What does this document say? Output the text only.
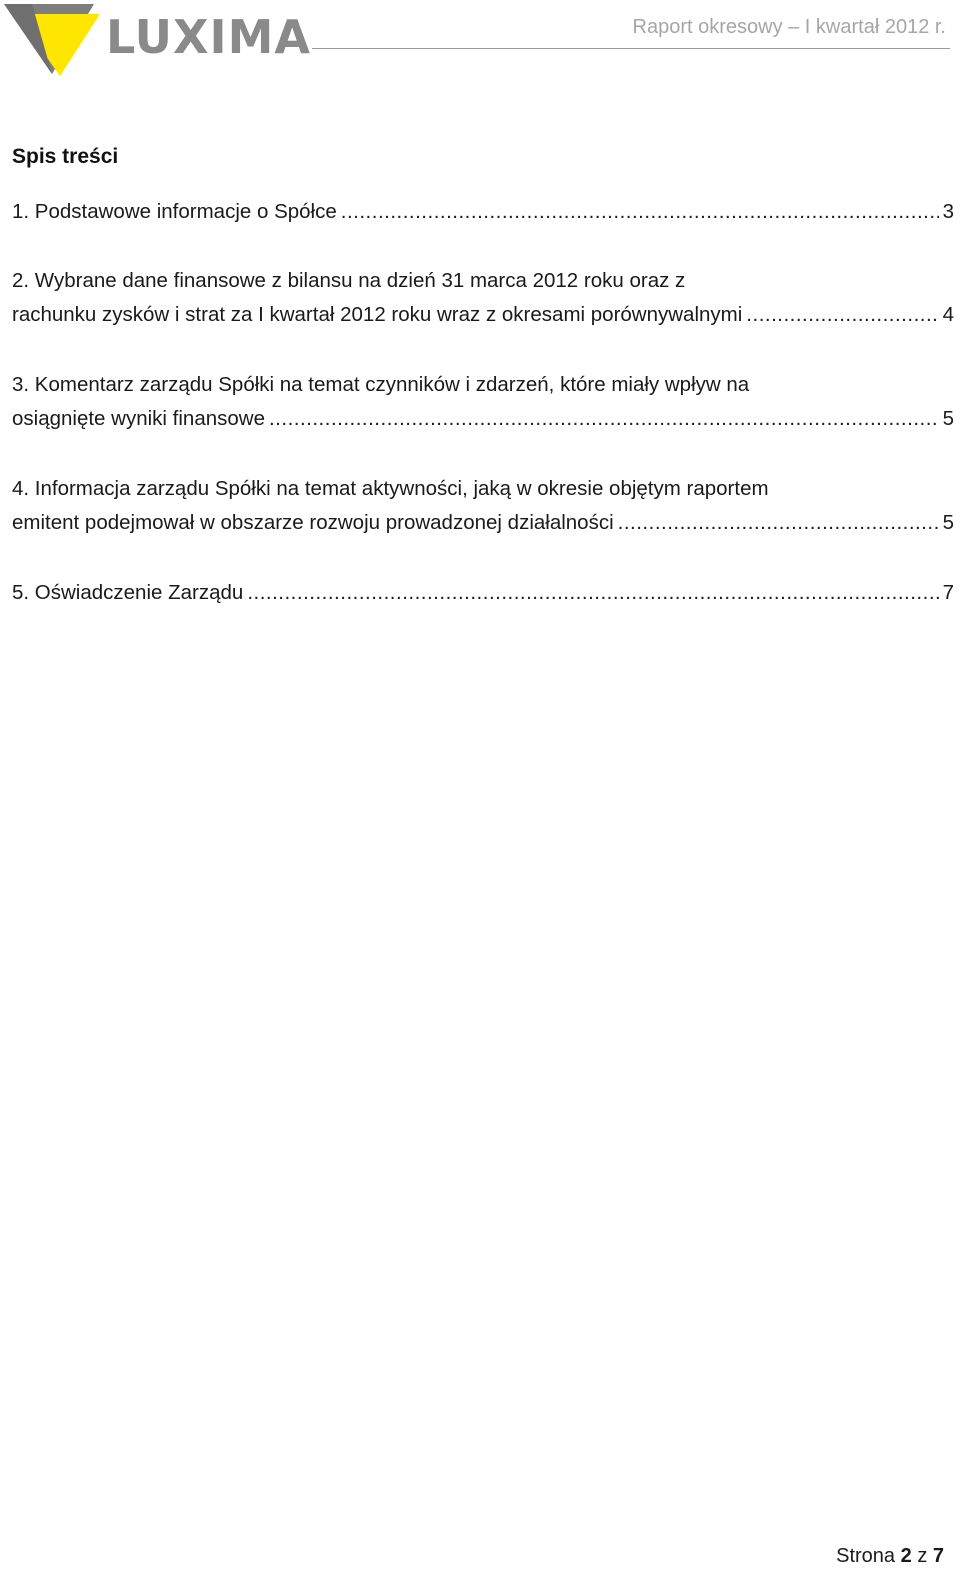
LUXIMA	Raport okresowy – I kwartał 2012 r.
Spis treści
1. Podstawowe informacje o Spółce .....	3
2. Wybrane dane finansowe z bilansu na dzień 31 marca 2012 roku oraz z
rachunku zysków i strat za I kwartał 2012 roku wraz z okresami porównywalnymi .....	4
3. Komentarz zarządu Spółki na temat czynników i zdarzeń, które miały wpływ na
osiągnięte wyniki finansowe .....	5
4. Informacja zarządu Spółki na temat aktywności, jaką w okresie objętym raportem
emitent podejmował w obszarze rozwoju prowadzonej działalności .....	5
5. Oświadczenie Zarządu .....	7
Strona 2 z 7
